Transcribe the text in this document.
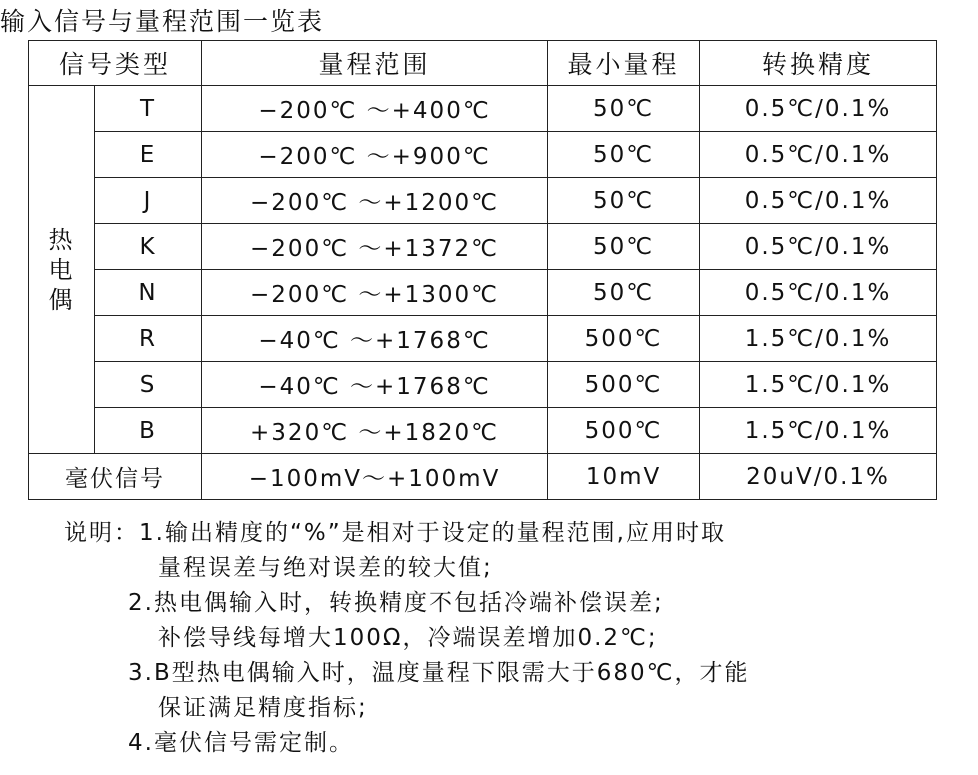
输入信号与量程范围一览表
信号类型		量程范围	最小量程	转换精度

热
电
偶	T	−200℃ ～+400℃	50℃	0.5℃/0.1%
	E	−200℃ ～+900℃	50℃	0.5℃/0.1%
	J	−200℃ ～+1200℃	50℃	0.5℃/0.1%
	K	−200℃ ～+1372℃	50℃	0.5℃/0.1%
	N	−200℃ ～+1300℃	50℃	0.5℃/0.1%
	R	−40℃ ～+1768℃	500℃	1.5℃/0.1%
	S	−40℃ ～+1768℃	500℃	1.5℃/0.1%
	B	+320℃ ～+1820℃	500℃	1.5℃/0.1%
毫伏信号		−100mV～+100mV	10mV	20uV/0.1%
说明：1.输出精度的“%”是相对于设定的量程范围,应用时取
量程误差与绝对误差的较大值;
2.热电偶输入时，转换精度不包括冷端补偿误差;
补偿导线每增大100Ω，冷端误差增加0.2℃;
3.B型热电偶输入时，温度量程下限需大于680℃，才能
保证满足精度指标;
4.毫伏信号需定制。
